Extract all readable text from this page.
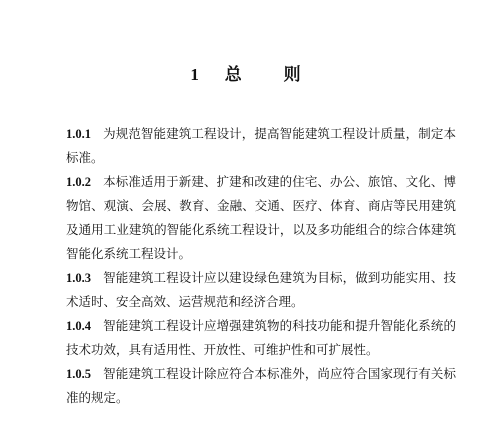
1 总 则
1.0.1 为规范智能建筑工程设计，提高智能建筑工程设计质量，制定本标准。
1.0.2 本标准适用于新建、扩建和改建的住宅、办公、旅馆、文化、博物馆、观演、会展、教育、金融、交通、医疗、体育、商店等民用建筑及通用工业建筑的智能化系统工程设计，以及多功能组合的综合体建筑智能化系统工程设计。
1.0.3 智能建筑工程设计应以建设绿色建筑为目标，做到功能实用、技术适时、安全高效、运营规范和经济合理。
1.0.4 智能建筑工程设计应增强建筑物的科技功能和提升智能化系统的技术功效，具有适用性、开放性、可维护性和可扩展性。
1.0.5 智能建筑工程设计除应符合本标准外，尚应符合国家现行有关标准的规定。
